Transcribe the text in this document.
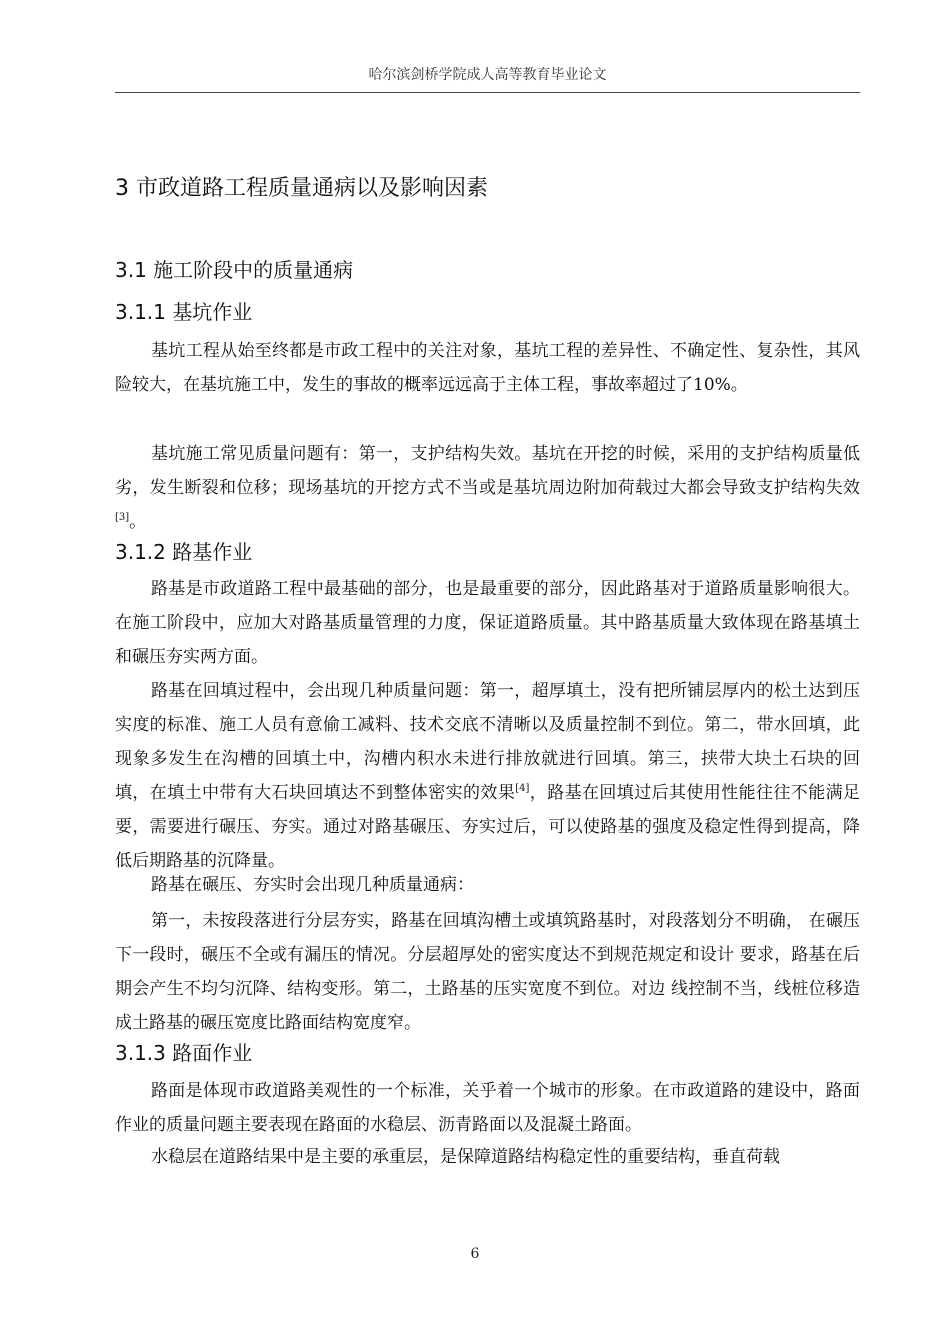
哈尔滨剑桥学院成人高等教育毕业论文
3 市政道路工程质量通病以及影响因素
3.1 施工阶段中的质量通病
3.1.1 基坑作业
基坑工程从始至终都是市政工程中的关注对象，基坑工程的差异性、不确定性、复杂性，其风险较大，在基坑施工中，发生的事故的概率远远高于主体工程，事故率超过了10%。
基坑施工常见质量问题有：第一，支护结构失效。基坑在开挖的时候，采用的支护结构质量低劣，发生断裂和位移；现场基坑的开挖方式不当或是基坑周边附加荷载过大都会导致支护结构失效[3]。
3.1.2 路基作业
路基是市政道路工程中最基础的部分，也是最重要的部分，因此路基对于道路质量影响很大。在施工阶段中，应加大对路基质量管理的力度，保证道路质量。其中路基质量大致体现在路基填土和碾压夯实两方面。
路基在回填过程中，会出现几种质量问题：第一，超厚填土，没有把所铺层厚内的松土达到压实度的标准、施工人员有意偷工减料、技术交底不清晰以及质量控制不到位。第二，带水回填，此现象多发生在沟槽的回填土中，沟槽内积水未进行排放就进行回填。第三，挟带大块土石块的回填，在填土中带有大石块回填达不到整体密实的效果[4]，路基在回填过后其使用性能往往不能满足要，需要进行碾压、夯实。通过对路基碾压、夯实过后，可以使路基的强度及稳定性得到提高，降低后期路基的沉降量。
路基在碾压、夯实时会出现几种质量通病：
第一，未按段落进行分层夯实，路基在回填沟槽土或填筑路基时，对段落划分不明确， 在碾压下一段时，碾压不全或有漏压的情况。分层超厚处的密实度达不到规范规定和设计 要求，路基在后期会产生不均匀沉降、结构变形。第二，土路基的压实宽度不到位。对边 线控制不当，线桩位移造成土路基的碾压宽度比路面结构宽度窄。
3.1.3 路面作业
路面是体现市政道路美观性的一个标准，关乎着一个城市的形象。在市政道路的建设中，路面作业的质量问题主要表现在路面的水稳层、沥青路面以及混凝土路面。
水稳层在道路结果中是主要的承重层，是保障道路结构稳定性的重要结构，垂直荷载
6
